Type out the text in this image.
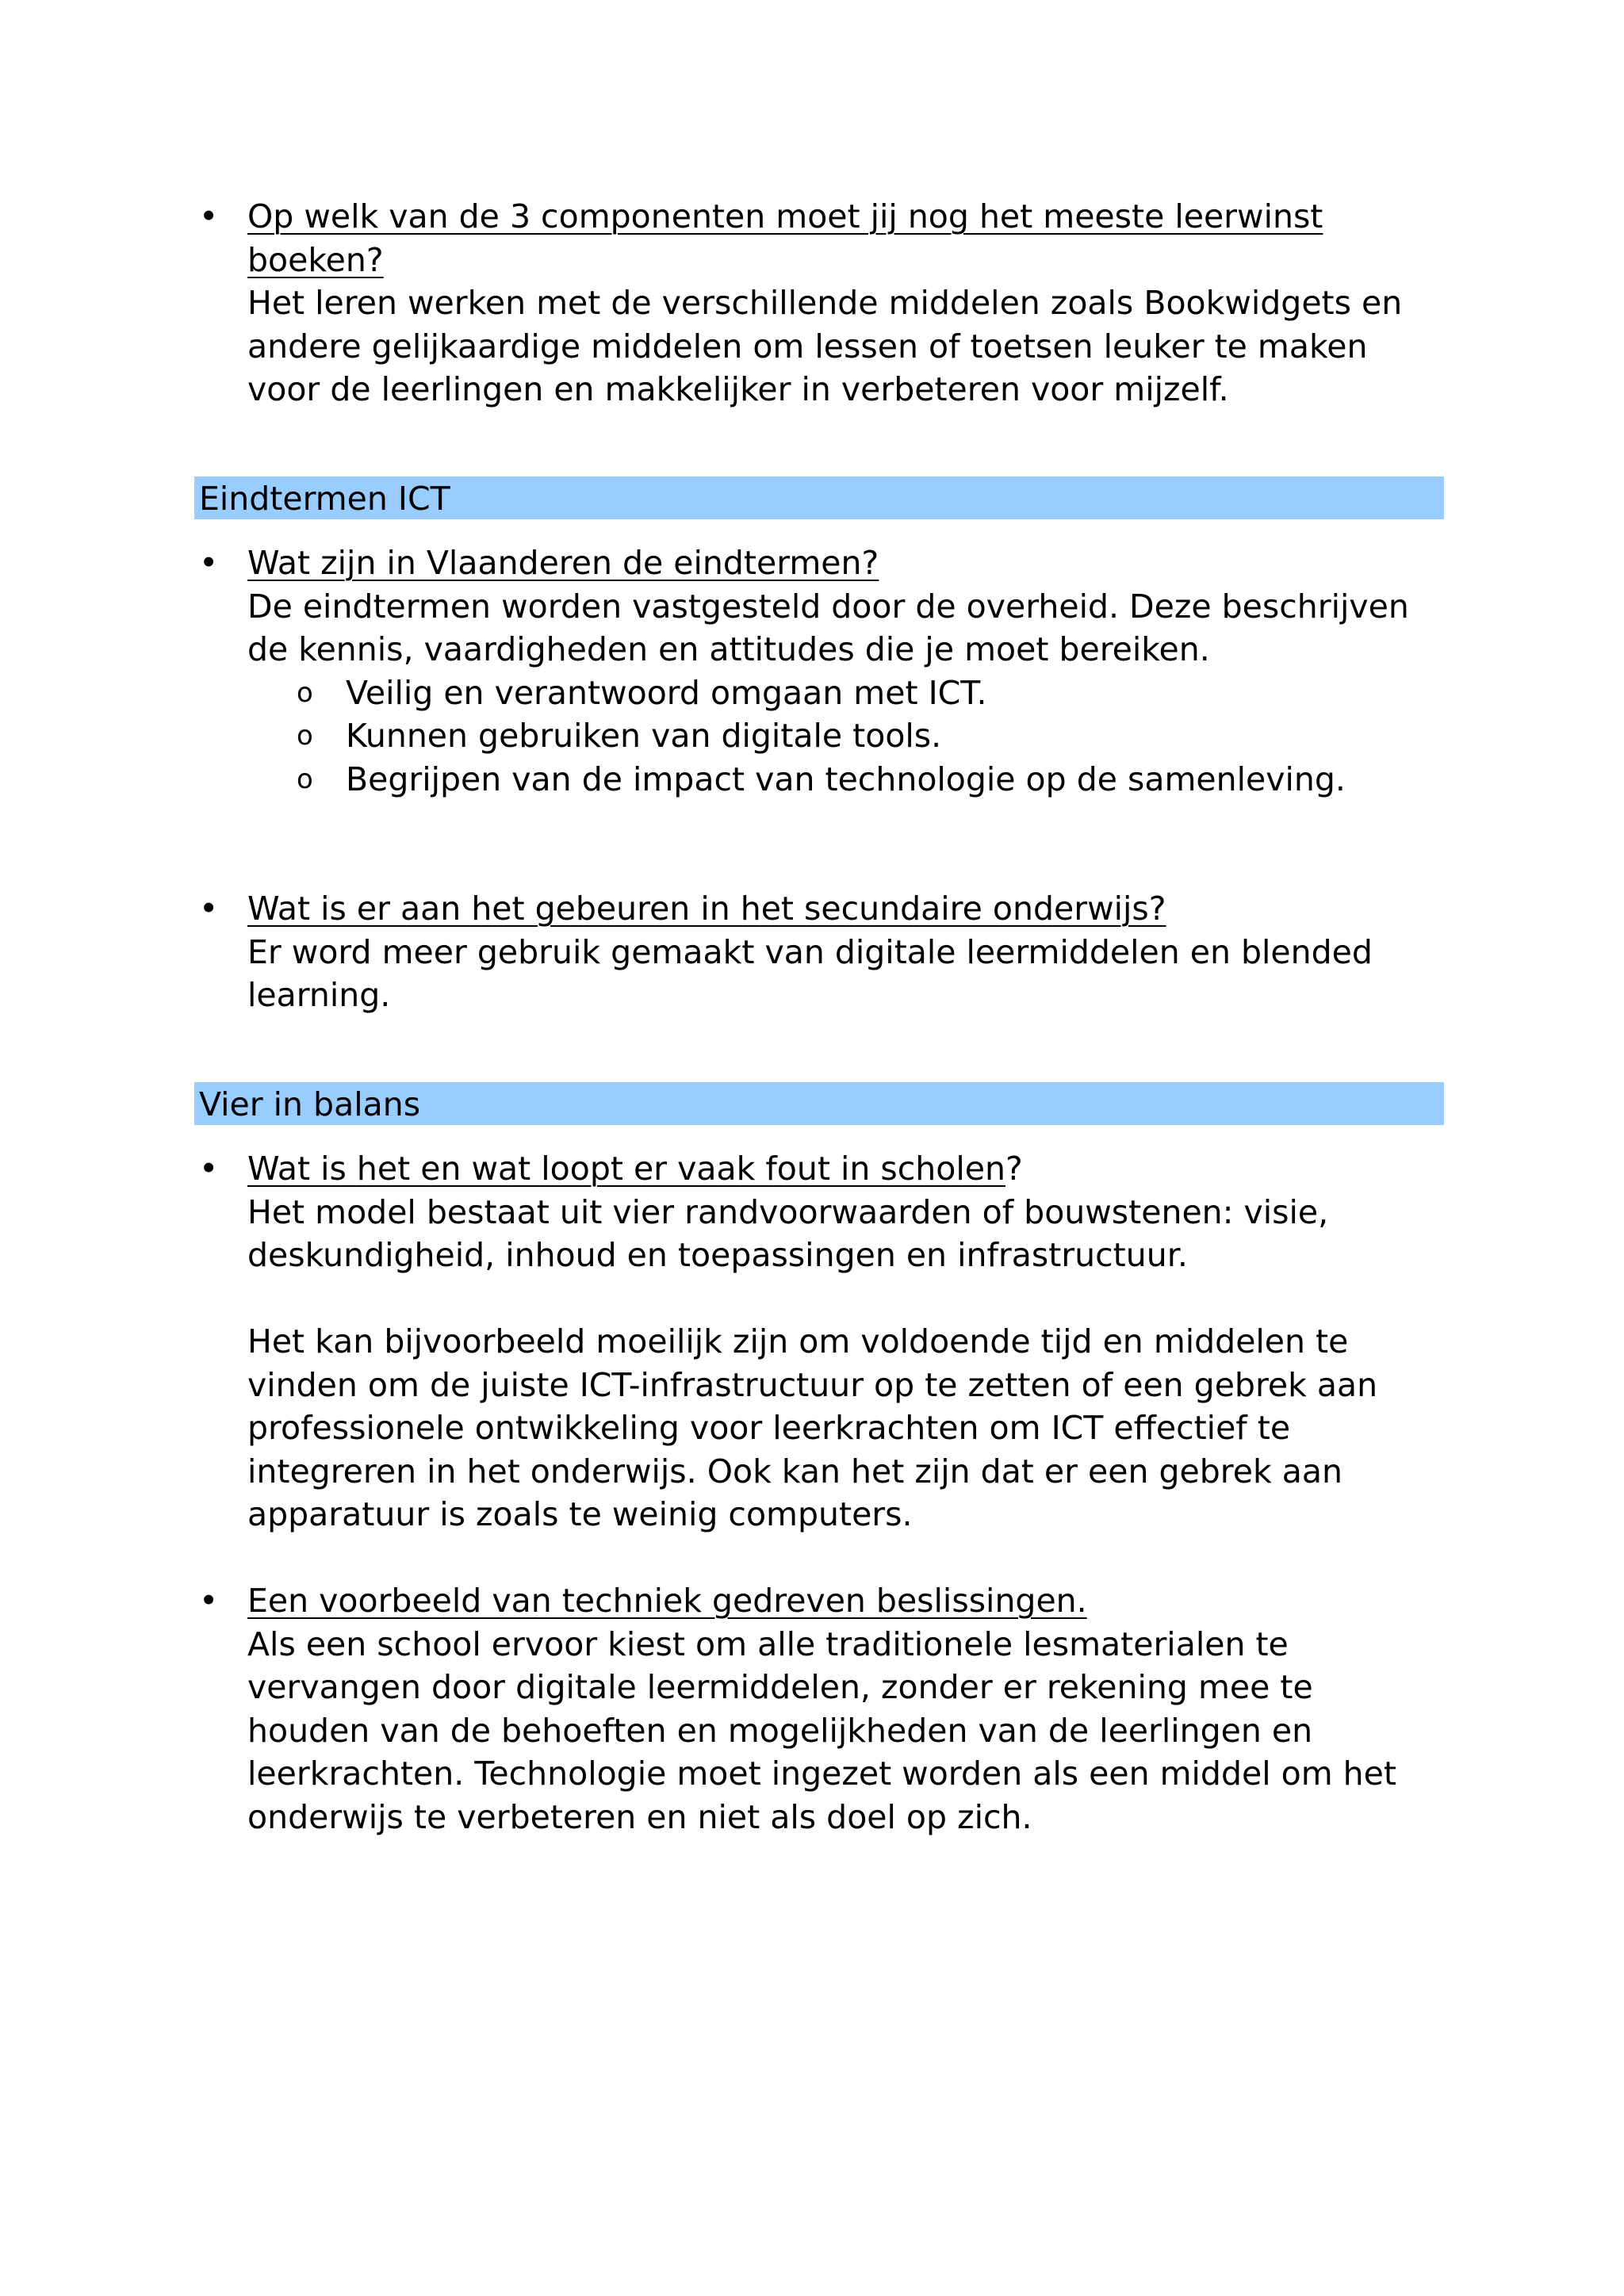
• Op welk van de 3 componenten moet jij nog het meeste leerwinst boeken?

Het leren werken met de verschillende middelen zoals Bookwidgets en andere gelijkaardige middelen om lessen of toetsen leuker te maken voor de leerlingen en makkelijker in verbeteren voor mijzelf.

Eindtermen ICT
• Wat zijn in Vlaanderen de eindtermen?

De eindtermen worden vastgesteld door de overheid. Deze beschrijven de kennis, vaardigheden en attitudes die je moet bereiken.

o Veilig en verantwoord omgaan met ICT.
o Kunnen gebruiken van digitale tools.
o Begrijpen van de impact van technologie op de samenleving.
• Wat is er aan het gebeuren in het secundaire onderwijs?

Er word meer gebruik gemaakt van digitale leermiddelen en blended learning.

Vier in balans
• Wat is het en wat loopt er vaak fout in scholen?

Het model bestaat uit vier randvoorwaarden of bouwstenen: visie, deskundigheid, inhoud en toepassingen en infrastructuur.

Het kan bijvoorbeeld moeilijk zijn om voldoende tijd en middelen te vinden om de juiste ICT-infrastructuur op te zetten of een gebrek aan professionele ontwikkeling voor leerkrachten om ICT effectief te integreren in het onderwijs. Ook kan het zijn dat er een gebrek aan apparatuur is zoals te weinig computers.

• Een voorbeeld van techniek gedreven beslissingen.

Als een school ervoor kiest om alle traditionele lesmaterialen te vervangen door digitale leermiddelen, zonder er rekening mee te houden van de behoeften en mogelijkheden van de leerlingen en leerkrachten. Technologie moet ingezet worden als een middel om het onderwijs te verbeteren en niet als doel op zich.
